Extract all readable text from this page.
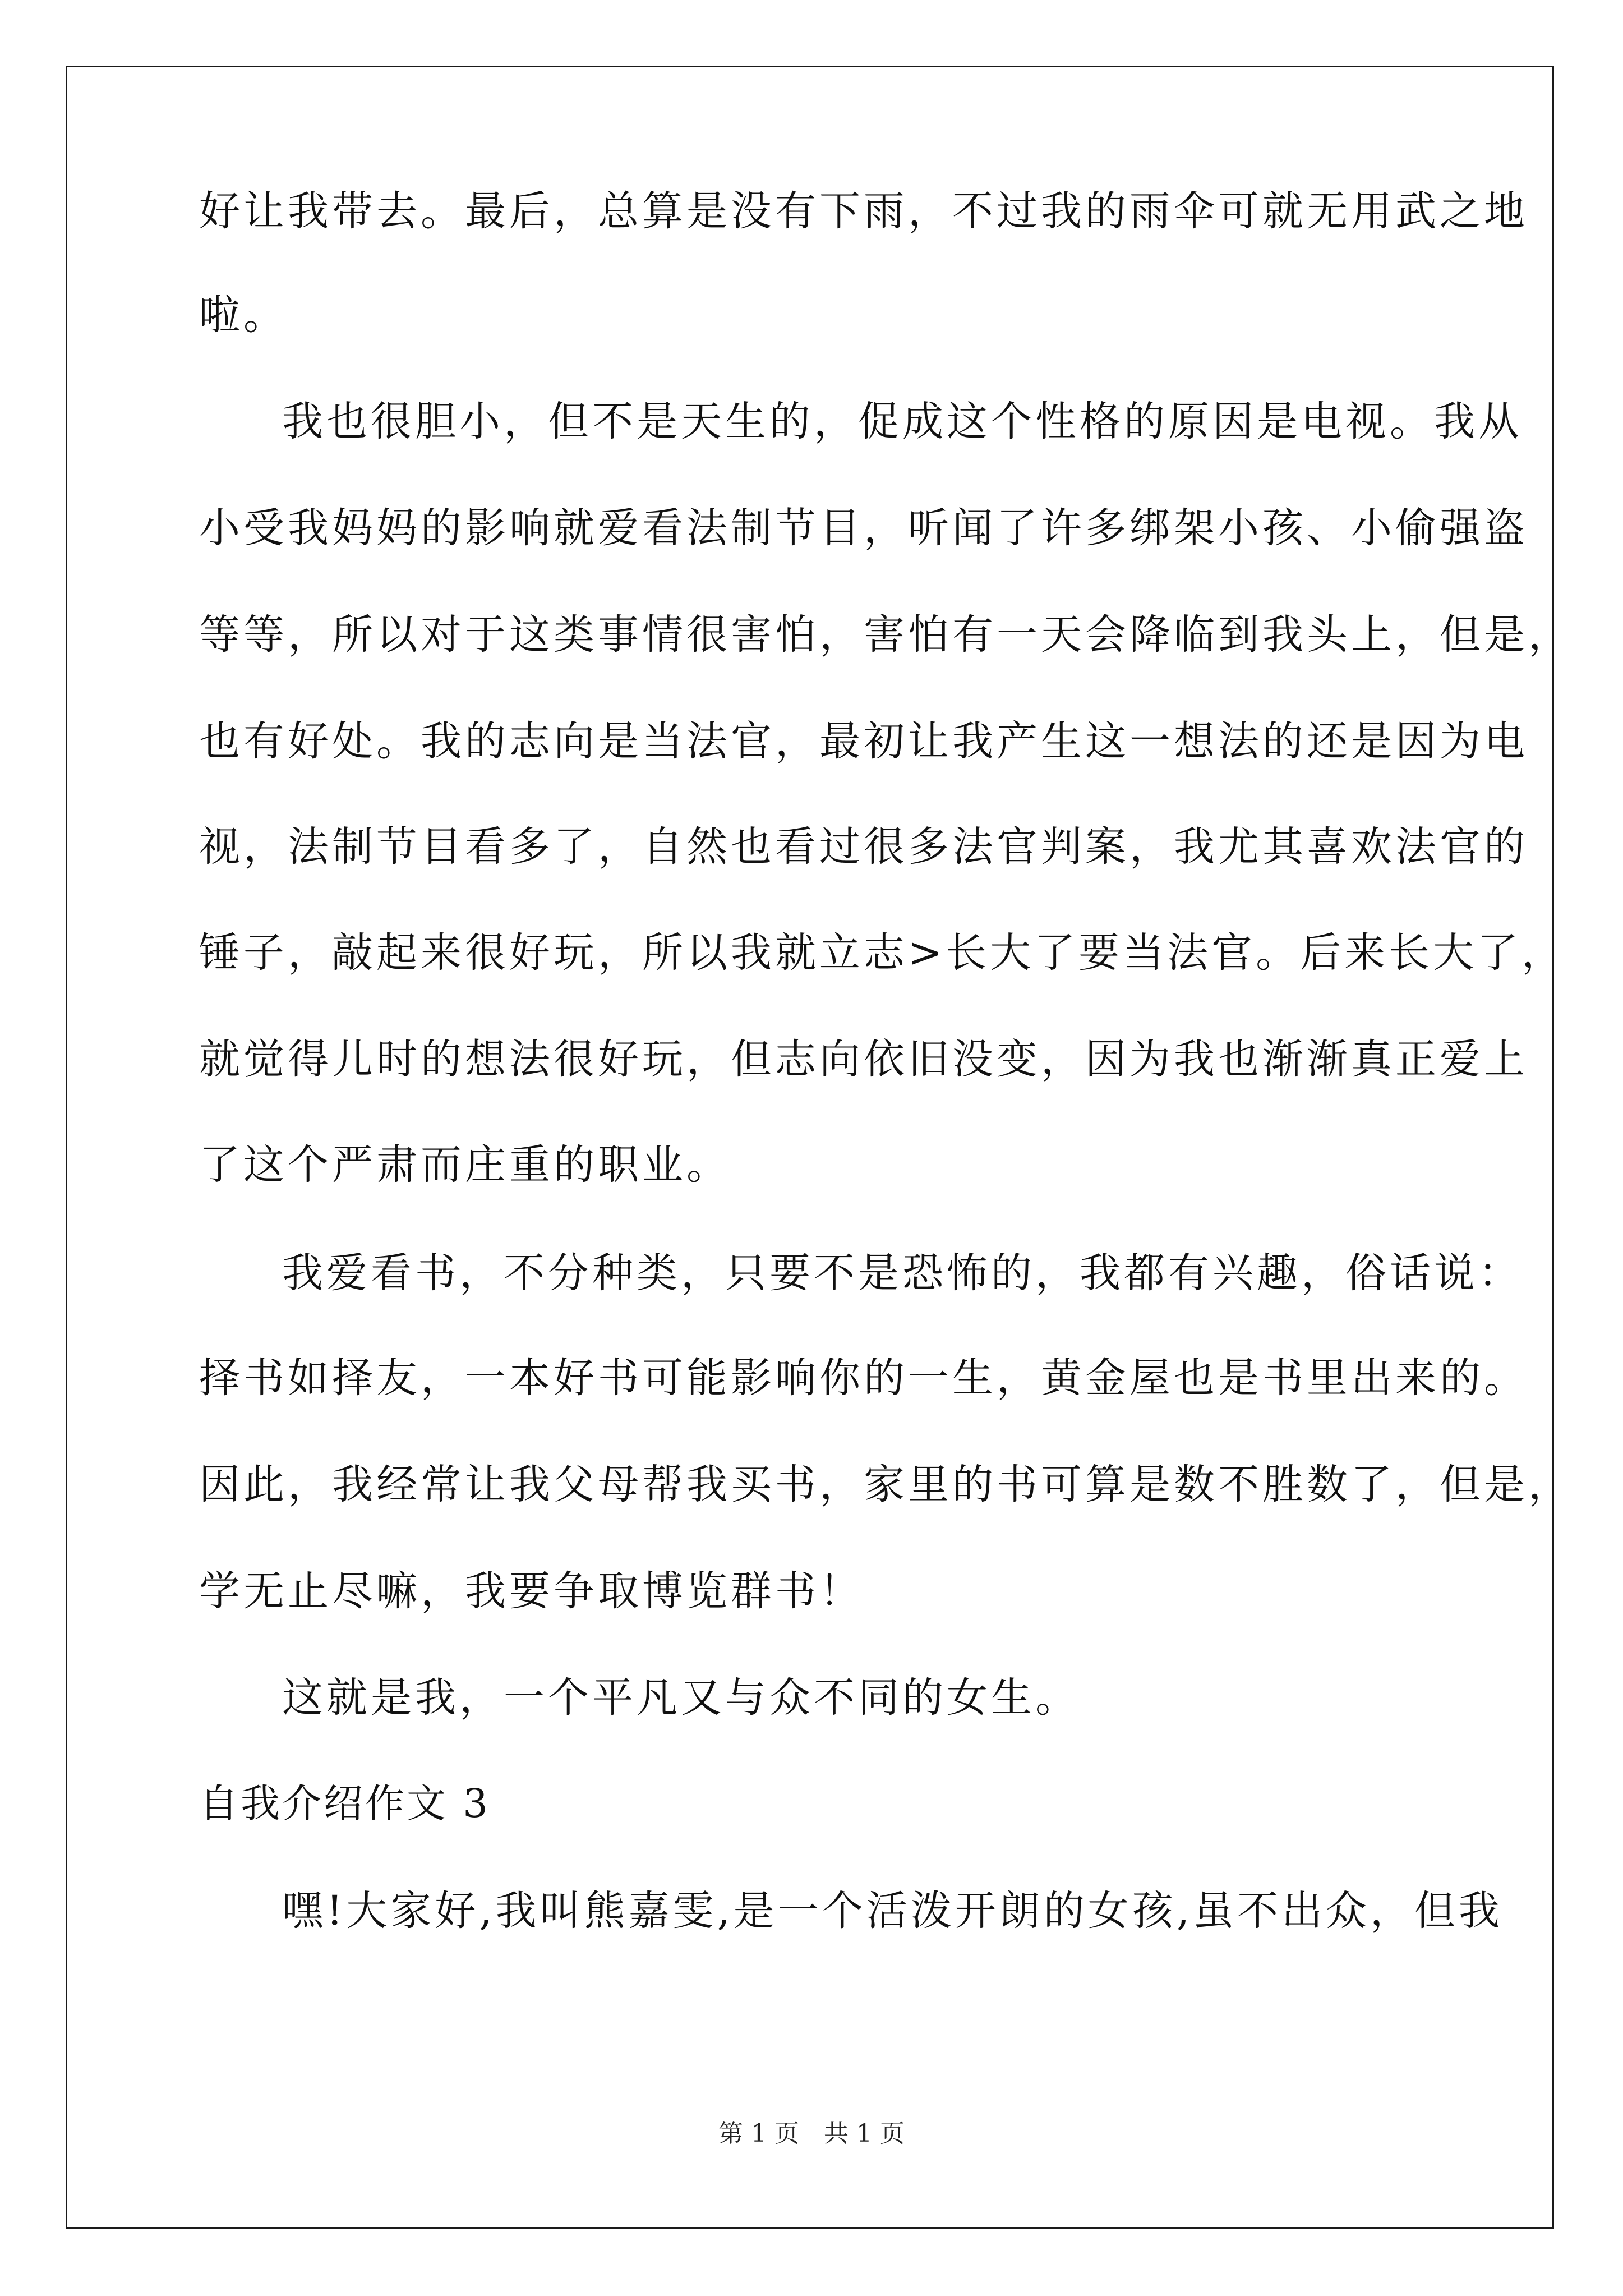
好让我带去。最后，总算是没有下雨，不过我的雨伞可就无用武之地
啦。
我也很胆小，但不是天生的，促成这个性格的原因是电视。我从
小受我妈妈的影响就爱看法制节目，听闻了许多绑架小孩、小偷强盗
等等，所以对于这类事情很害怕，害怕有一天会降临到我头上，但是，
也有好处。我的志向是当法官，最初让我产生这一想法的还是因为电
视，法制节目看多了，自然也看过很多法官判案，我尤其喜欢法官的
锤子，敲起来很好玩，所以我就立志>长大了要当法官。后来长大了，
就觉得儿时的想法很好玩，但志向依旧没变，因为我也渐渐真正爱上
了这个严肃而庄重的职业。
我爱看书，不分种类，只要不是恐怖的，我都有兴趣，俗话说：
择书如择友，一本好书可能影响你的一生，黄金屋也是书里出来的。
因此，我经常让我父母帮我买书，家里的书可算是数不胜数了，但是，
学无止尽嘛，我要争取博览群书！
这就是我，一个平凡又与众不同的女生。
自我介绍作文 3
嘿!大家好,我叫熊嘉雯,是一个活泼开朗的女孩,虽不出众，但我
第 1 页　共 1 页
